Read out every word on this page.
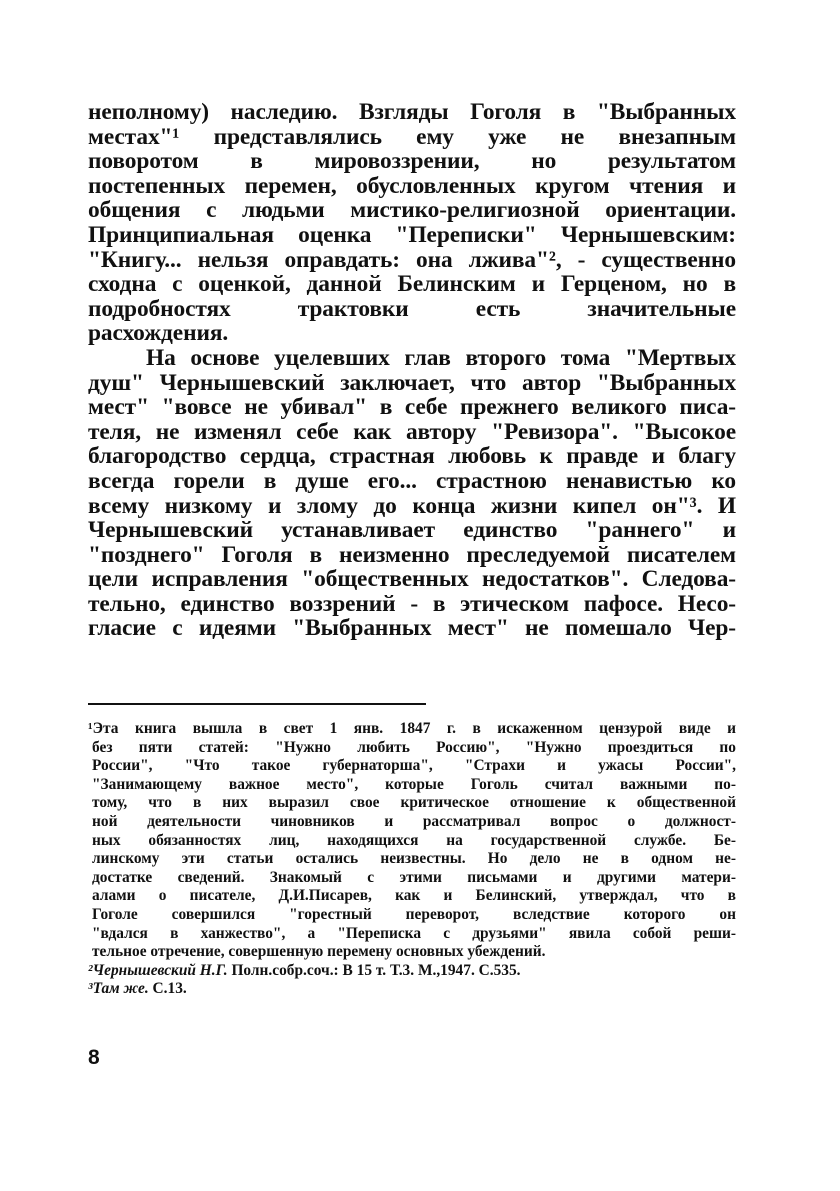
неполному) наследию. Взгляды Гоголя в "Выбранных
местах"¹ представлялись ему уже не внезапным
поворотом в мировоззрении, но результатом
постепенных перемен, обусловленных кругом чтения и
общения с людьми мистико-религиозной ориентации.
Принципиальная оценка "Переписки" Чернышевским:
"Книгу... нельзя оправдать: она лжива"², - существенно
сходна с оценкой, данной Белинским и Герценом, но в
подробностях трактовки есть значительные
расхождения.
На основе уцелевших глав второго тома "Мертвых
душ" Чернышевский заключает, что автор "Выбранных
мест" "вовсе не убивал" в себе прежнего великого писа-
теля, не изменял себе как автору "Ревизора". "Высокое
благородство сердца, страстная любовь к правде и благу
всегда горели в душе его... страстною ненавистью ко
всему низкому и злому до конца жизни кипел он"³. И
Чернышевский устанавливает единство "раннего" и
"позднего" Гоголя в неизменно преследуемой писателем
цели исправления "общественных недостатков". Следова-
тельно, единство воззрений - в этическом пафосе. Несо-
гласие с идеями "Выбранных мест" не помешало Чер-
¹Эта книга вышла в свет 1 янв. 1847 г. в искаженном цензурой виде и
без пяти статей: "Нужно любить Россию", "Нужно проездиться по
России", "Что такое губернаторша", "Страхи и ужасы России",
"Занимающему важное место", которые Гоголь считал важными по-
тому, что в них выразил свое критическое отношение к общественной
ной деятельности чиновников и рассматривал вопрос о должност-
ных обязанностях лиц, находящихся на государственной службе. Бе-
линскому эти статьи остались неизвестны. Но дело не в одном не-
достатке сведений. Знакомый с этими письмами и другими матери-
алами о писателе, Д.И.Писарев, как и Белинский, утверждал, что в
Гоголе совершился "горестный переворот, вследствие которого он
"вдался в ханжество", а "Переписка с друзьями" явила собой реши-
тельное отречение, совершенную перемену основных убеждений.
²Чернышевский Н.Г. Полн.собр.соч.: В 15 т. Т.3. М.,1947. С.535.
³Там же. С.13.
8
